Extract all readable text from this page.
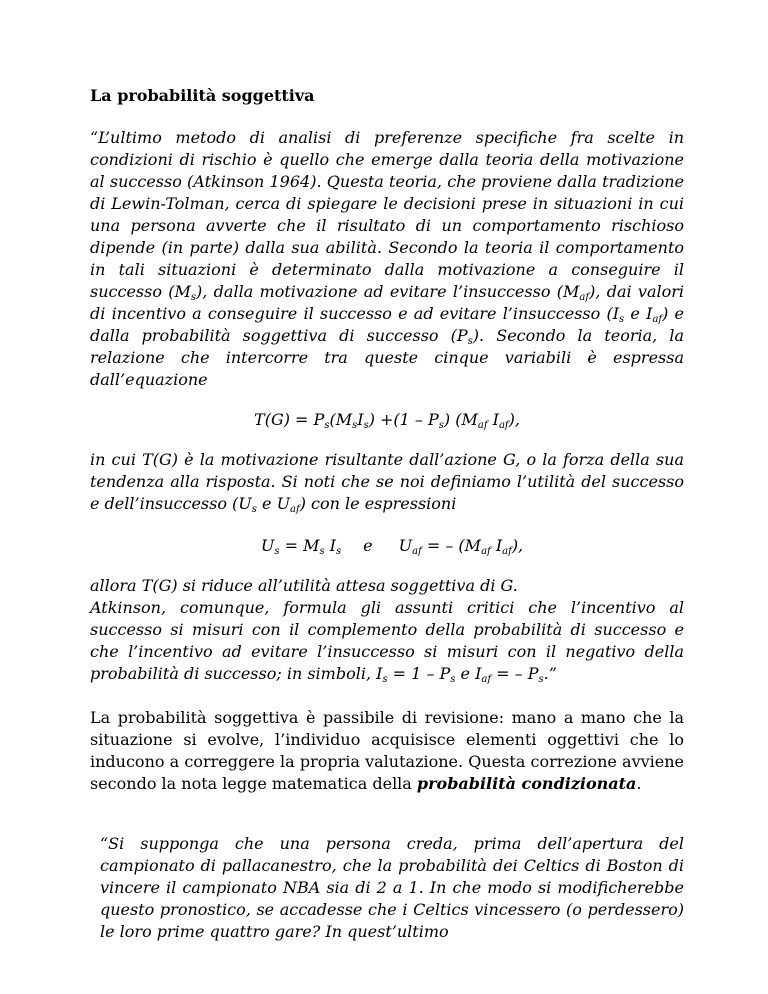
La probabilità soggettiva

“L’ultimo metodo di analisi di preferenze specifiche fra scelte in condizioni di rischio è quello che emerge dalla teoria della motivazione al successo (Atkinson 1964). Questa teoria, che proviene dalla tradizione di Lewin-Tolman, cerca di spiegare le decisioni prese in situazioni in cui una persona avverte che il risultato di un comportamento rischioso dipende (in parte) dalla sua abilità. Secondo la teoria il comportamento in tali situazioni è determinato dalla motivazione a conseguire il successo $(M_s)$, dalla motivazione ad evitare l’insuccesso $(M_{af})$, dai valori di incentivo a conseguire il successo e ad evitare l’insuccesso ($I_s$ e $I_{af}$) e dalla probabilità soggettiva di successo $(P_s)$. Secondo la teoria, la relazione che intercorre tra queste cinque variabili è espressa dall’equazione

$T(G) = P_s(M_sI_s) +(1 - P_s)$ ($M_{af}$ $I_{af}$),

in cui T(G) è la motivazione risultante dall’azione G, o la forza della sua tendenza alla risposta. Si noti che se noi definiamo l’utilità del successo e dell’insuccesso ($U_s$ e $U_{af}$) con le espressioni

$U_s = M_s$ $I_s$ e $U_{af}$ = – ($M_{af}$ $I_{af}$),

allora T(G) si riduce all’utilità attesa soggettiva di G.

Atkinson, comunque, formula gli assunti critici che l’incentivo al successo si misuri con il complemento della probabilità di successo e che l’incentivo ad evitare l’insuccesso si misuri con il negativo della probabilità di successo; in simboli, $I_s = 1 - P_s$ e $I_{af}$ = – $P_s$.”

La probabilità soggettiva è passibile di revisione: mano a mano che la situazione si evolve, l’individuo acquisisce elementi oggettivi che lo inducono a correggere la propria valutazione. Questa correzione avviene secondo la nota legge matematica della probabilità condizionata.

“Si supponga che una persona creda, prima dell’apertura del campionato di pallacanestro, che la probabilità dei Celtics di Boston di vincere il campionato NBA sia di 2 a 1. In che modo si modificherebbe questo pronostico, se accadesse che i Celtics vincessero (o perdessero) le loro prime quattro gare? In quest’ultimo
